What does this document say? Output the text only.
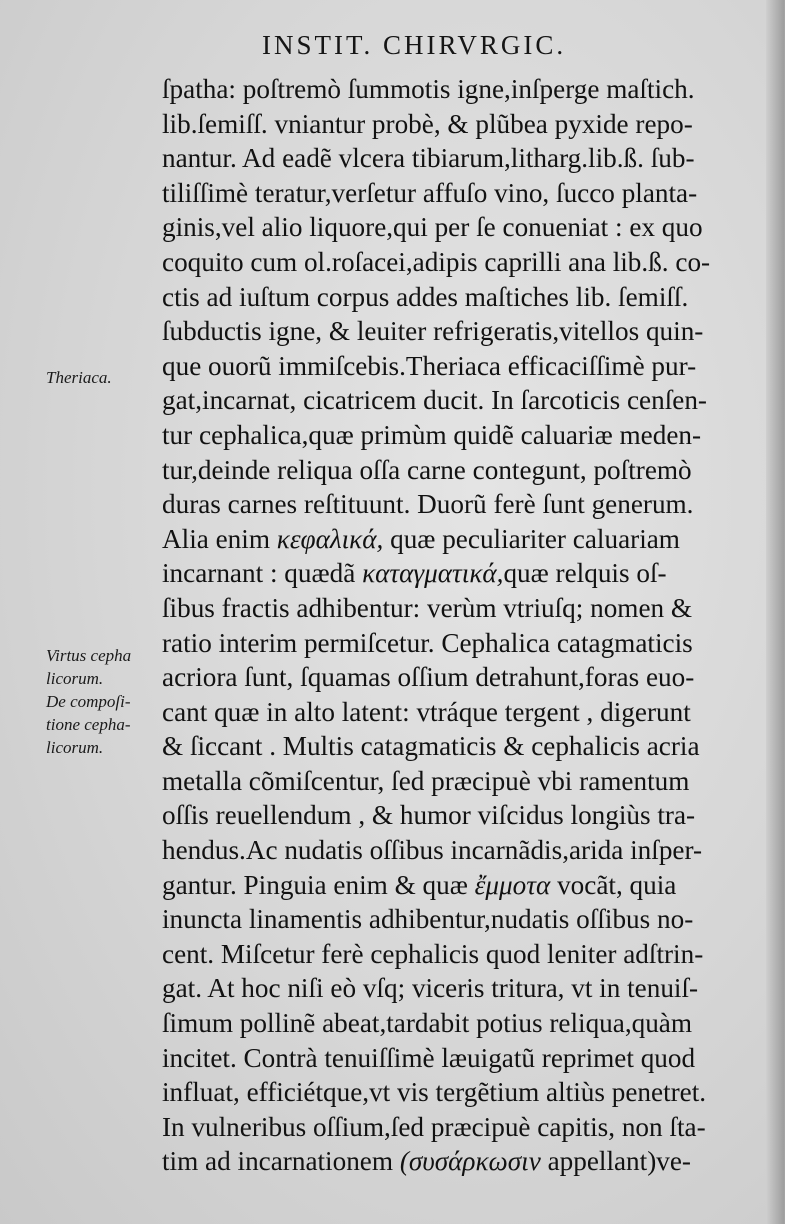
INSTIT. CHIRVRGIC.
Theriaca.
Virtus cepha
licorum.
De compoſi-
tione cepha-
licorum.
ſpatha: poſtremò ſummotis igne,inſperge maſtich.
lib.ſemiſſ. vniantur probè, & plũbea pyxide repo-
nantur. Ad eadẽ vlcera tibiarum,litharg.lib.ß. ſub-
tiliſſimè teratur,verſetur affuſo vino, ſucco planta-
ginis,vel alio liquore,qui per ſe conueniat : ex quo
coquito cum ol.roſacei,adipis caprilli ana lib.ß. co-
ctis ad iuſtum corpus addes maſtiches lib. ſemiſſ.
ſubductis igne, & leuiter refrigeratis,vitellos quin-
que ouorũ immiſcebis.Theriaca efficaciſſimè pur-
gat,incarnat, cicatricem ducit. In ſarcoticis cenſen-
tur cephalica,quæ primùm quidẽ caluariæ meden-
tur,deinde reliqua oſſa carne contegunt, poſtremò
duras carnes reſtituunt. Duorũ ferè ſunt generum.
Alia enim κεφαλικά, quæ peculiariter caluariam
incarnant : quædã καταγματικά,quæ relquis oſ-
ſibus fractis adhibentur: verùm vtriuſq; nomen &
ratio interim permiſcetur. Cephalica catagmaticis
acriora ſunt, ſquamas oſſium detrahunt,foras euo-
cant quæ in alto latent: vtráque tergent , digerunt
& ſiccant . Multis catagmaticis & cephalicis acria
metalla cõmiſcentur, ſed præcipuè vbi ramentum
oſſis reuellendum , & humor viſcidus longiùs tra-
hendus.Ac nudatis oſſibus incarnãdis,arida inſper-
gantur. Pinguia enim & quæ ἔμμοτα vocãt, quia
inuncta linamentis adhibentur,nudatis oſſibus no-
cent. Miſcetur ferè cephalicis quod leniter adſtrin-
gat. At hoc niſi eò vſq; viceris tritura, vt in tenuiſ-
ſimum pollinẽ abeat,tardabit potius reliqua,quàm
incitet. Contrà tenuiſſimè læuigatũ reprimet quod
influat, efficiétque,vt vis tergẽtium altiùs penetret.
In vulneribus oſſium,ſed præcipuè capitis, non ſta-
tim ad incarnationem (συσάρκωσιν appellant)ve-
